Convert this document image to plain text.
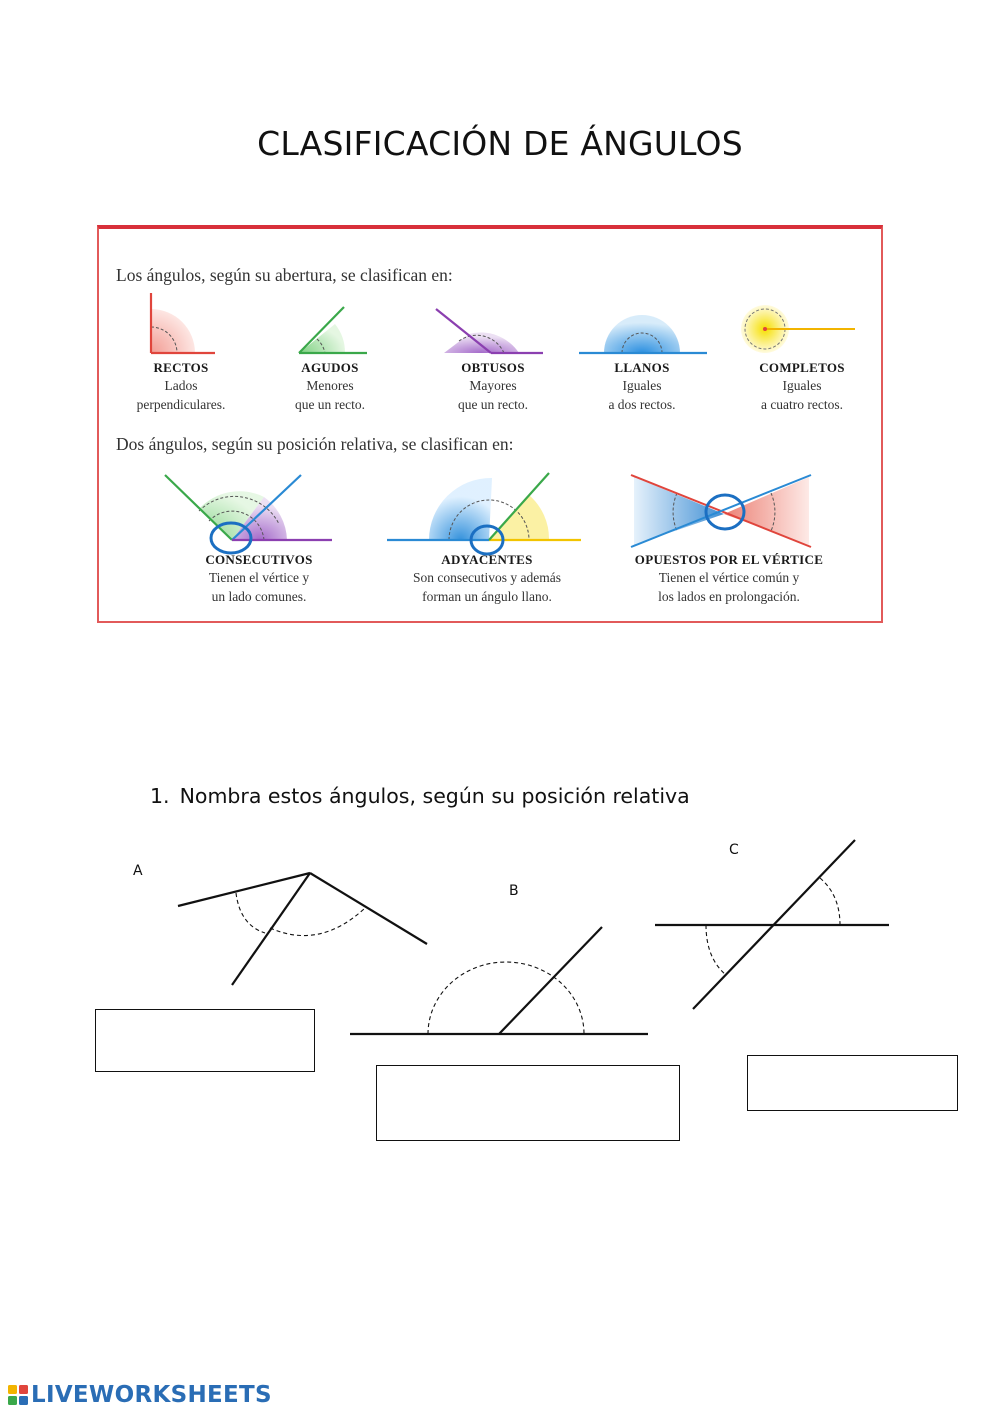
CLASIFICACIÓN DE ÁNGULOS
Los ángulos, según su abertura, se clasifican en:
Dos ángulos, según su posición relativa, se clasifican en:
RECTOS
Lados
perpendiculares.
AGUDOS
Menores
que un recto.
OBTUSOS
Mayores
que un recto.
LLANOS
Iguales
a dos rectos.
COMPLETOS
Iguales
a cuatro rectos.
CONSECUTIVOS
Tienen el vértice y
un lado comunes.
ADYACENTES
Son consecutivos y además
forman un ángulo llano.
OPUESTOS POR EL VÉRTICE
Tienen el vértice común y
los lados en prolongación.
1. Nombra estos ángulos, según su posición relativa
A
B
C
LIVEWORKSHEETS
